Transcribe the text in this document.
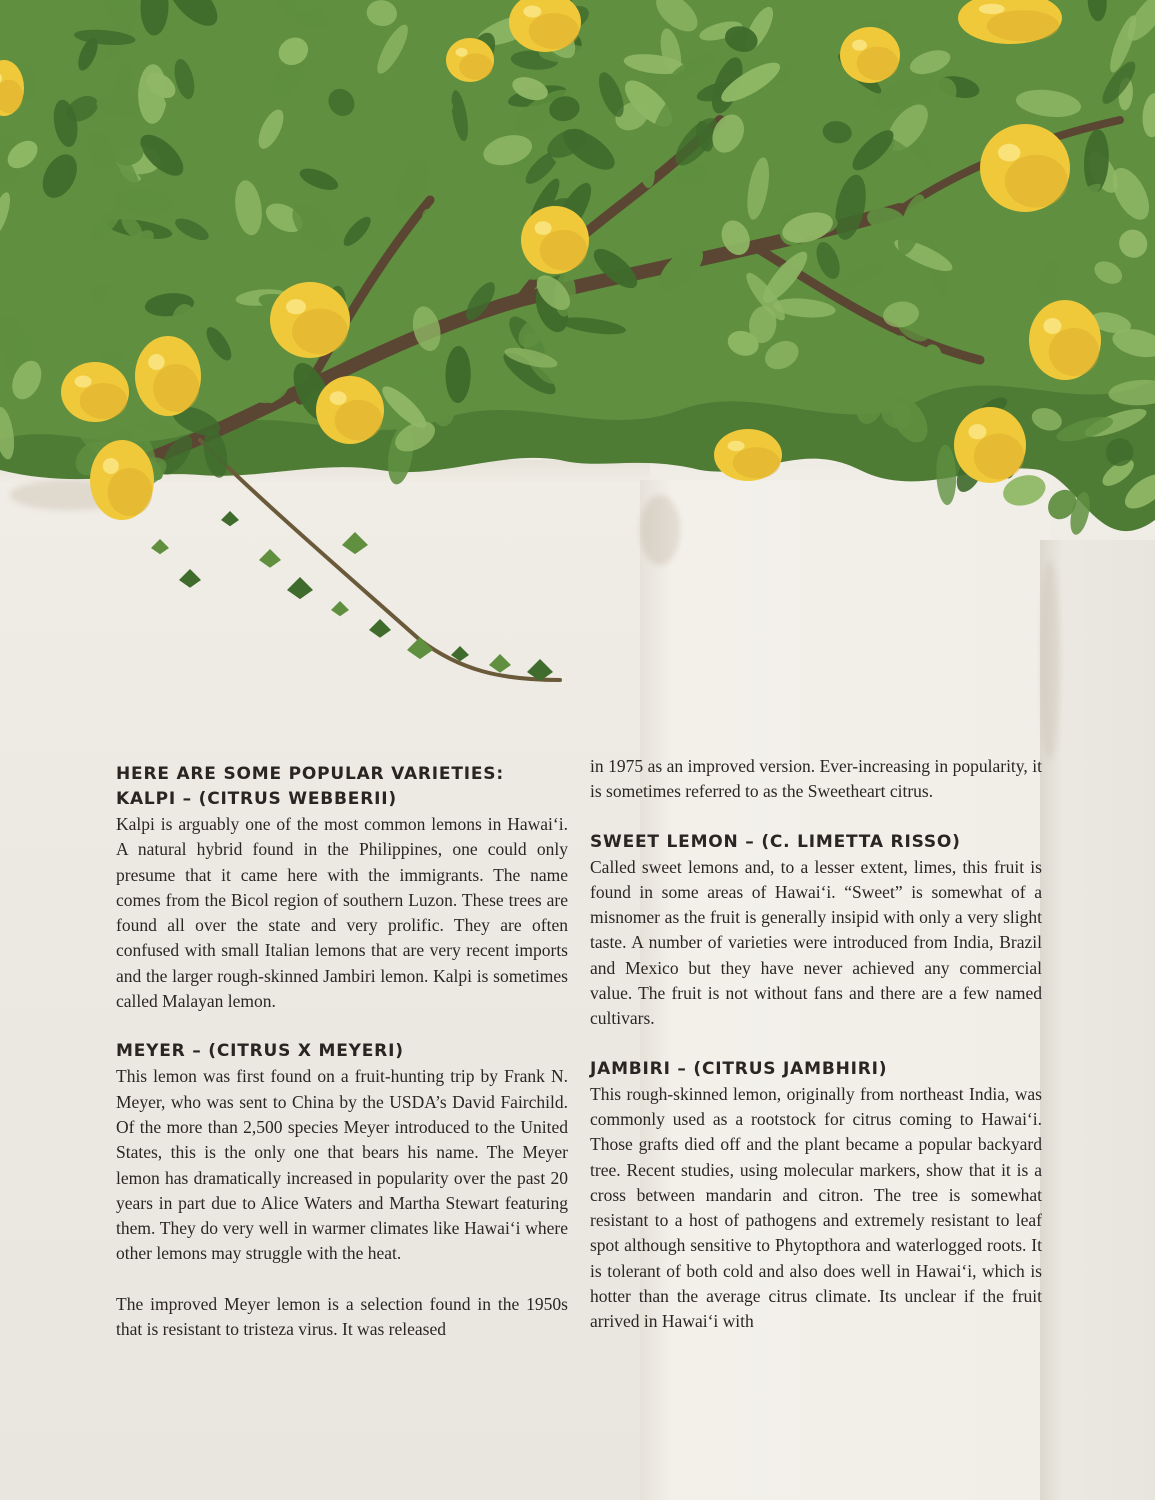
HERE ARE SOME POPULAR VARIETIES:
KALPI – (CITRUS WEBBERII)

Kalpi is arguably one of the most common lemons in Hawai‘i. A natural hybrid found in the Philippines, one could only presume that it came here with the immigrants. The name comes from the Bicol region of southern Luzon. These trees are found all over the state and very prolific. They are often confused with small Italian lemons that are very recent imports and the larger rough-skinned Jambiri lemon. Kalpi is sometimes called Malayan lemon.

MEYER – (CITRUS X MEYERI)

This lemon was first found on a fruit-hunting trip by Frank N. Meyer, who was sent to China by the USDA’s David Fairchild. Of the more than 2,500 species Meyer introduced to the United States, this is the only one that bears his name. The Meyer lemon has dramatically increased in popularity over the past 20 years in part due to Alice Waters and Martha Stewart featuring them. They do very well in warmer climates like Hawai‘i where other lemons may struggle with the heat.

The improved Meyer lemon is a selection found in the 1950s that is resistant to tristeza virus. It was released

in 1975 as an improved version. Ever-increasing in popularity, it is sometimes referred to as the Sweetheart citrus.

SWEET LEMON – (C. LIMETTA RISSO)

Called sweet lemons and, to a lesser extent, limes, this fruit is found in some areas of Hawai‘i. “Sweet” is somewhat of a misnomer as the fruit is generally insipid with only a very slight taste. A number of varieties were introduced from India, Brazil and Mexico but they have never achieved any commercial value. The fruit is not without fans and there are a few named cultivars.

JAMBIRI – (CITRUS JAMBHIRI)

This rough-skinned lemon, originally from northeast India, was commonly used as a rootstock for citrus coming to Hawai‘i. Those grafts died off and the plant became a popular backyard tree. Recent studies, using molecular markers, show that it is a cross between mandarin and citron. The tree is somewhat resistant to a host of pathogens and extremely resistant to leaf spot although sensitive to Phytopthora and waterlogged roots. It is tolerant of both cold and also does well in Hawai‘i, which is hotter than the average citrus climate. Its unclear if the fruit arrived in Hawai‘i with
